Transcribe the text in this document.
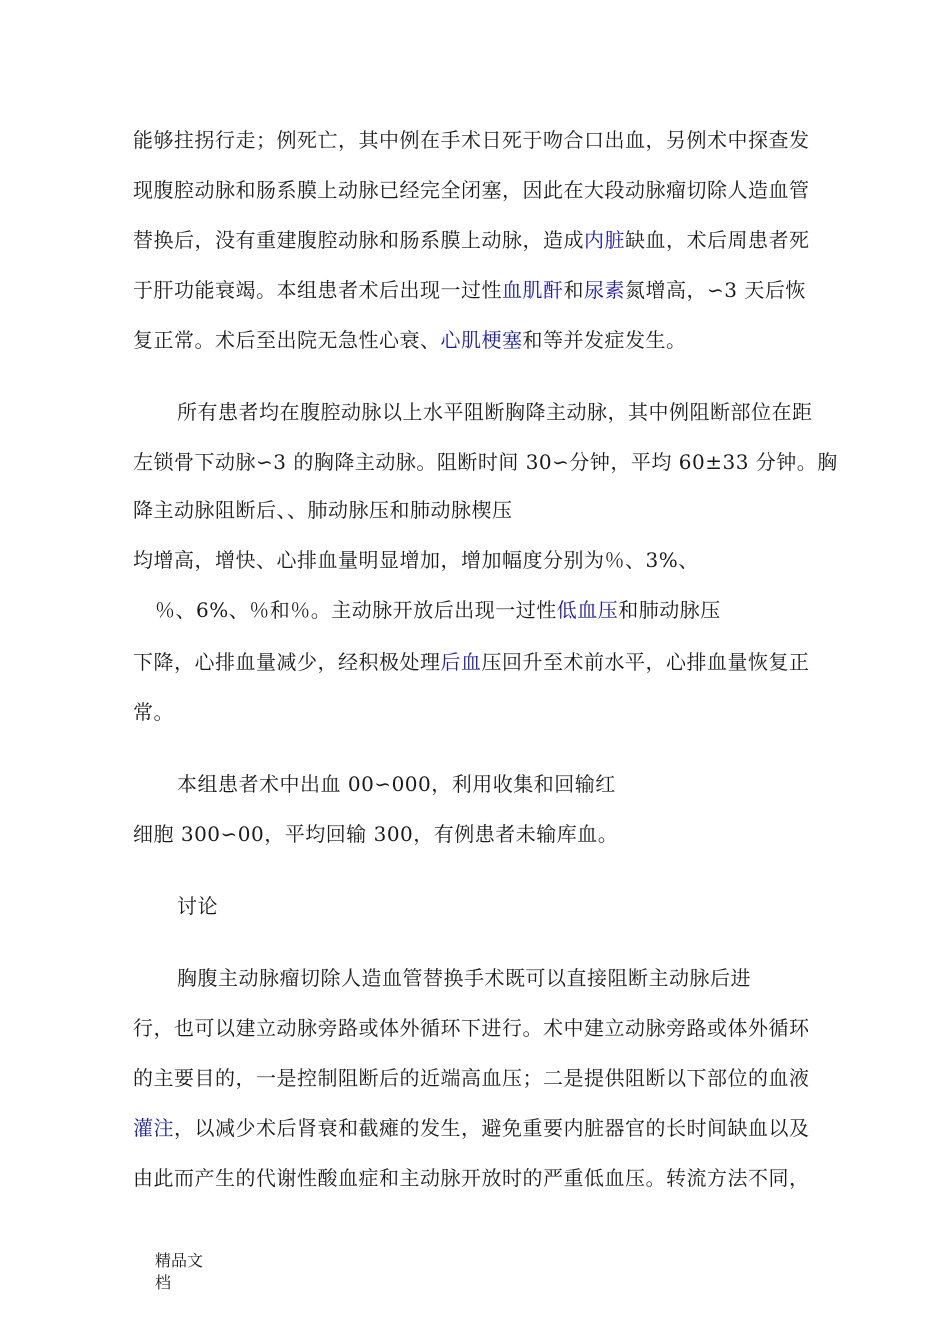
能够拄拐行走；例死亡，其中例在手术日死于吻合口出血，另例术中探查发
现腹腔动脉和肠系膜上动脉已经完全闭塞，因此在大段动脉瘤切除人造血管
替换后，没有重建腹腔动脉和肠系膜上动脉，造成内脏缺血，术后周患者死
于肝功能衰竭。本组患者术后出现一过性血肌酐和尿素氮增高，∽3 天后恢
复正常。术后至出院无急性心衰、心肌梗塞和等并发症发生。
所有患者均在腹腔动脉以上水平阻断胸降主动脉，其中例阻断部位在距
左锁骨下动脉∽3 的胸降主动脉。阻断时间 30∽分钟，平均 60±33 分钟。胸
降主动脉阻断后、、肺动脉压和肺动脉楔压
均增高，增快、心排血量明显增加，增加幅度分别为％、3%、
％、6%、％和％。主动脉开放后出现一过性低血压和肺动脉压
下降，心排血量减少，经积极处理后血压回升至术前水平，心排血量恢复正
常。
本组患者术中出血 00∽000，利用收集和回输红
细胞 300∽00，平均回输 300，有例患者未输库血。
讨论
胸腹主动脉瘤切除人造血管替换手术既可以直接阻断主动脉后进
行，也可以建立动脉旁路或体外循环下进行。术中建立动脉旁路或体外循环
的主要目的，一是控制阻断后的近端高血压；二是提供阻断以下部位的血液
灌注，以减少术后肾衰和截瘫的发生，避免重要内脏器官的长时间缺血以及
由此而产生的代谢性酸血症和主动脉开放时的严重低血压。转流方法不同，
精品文档
